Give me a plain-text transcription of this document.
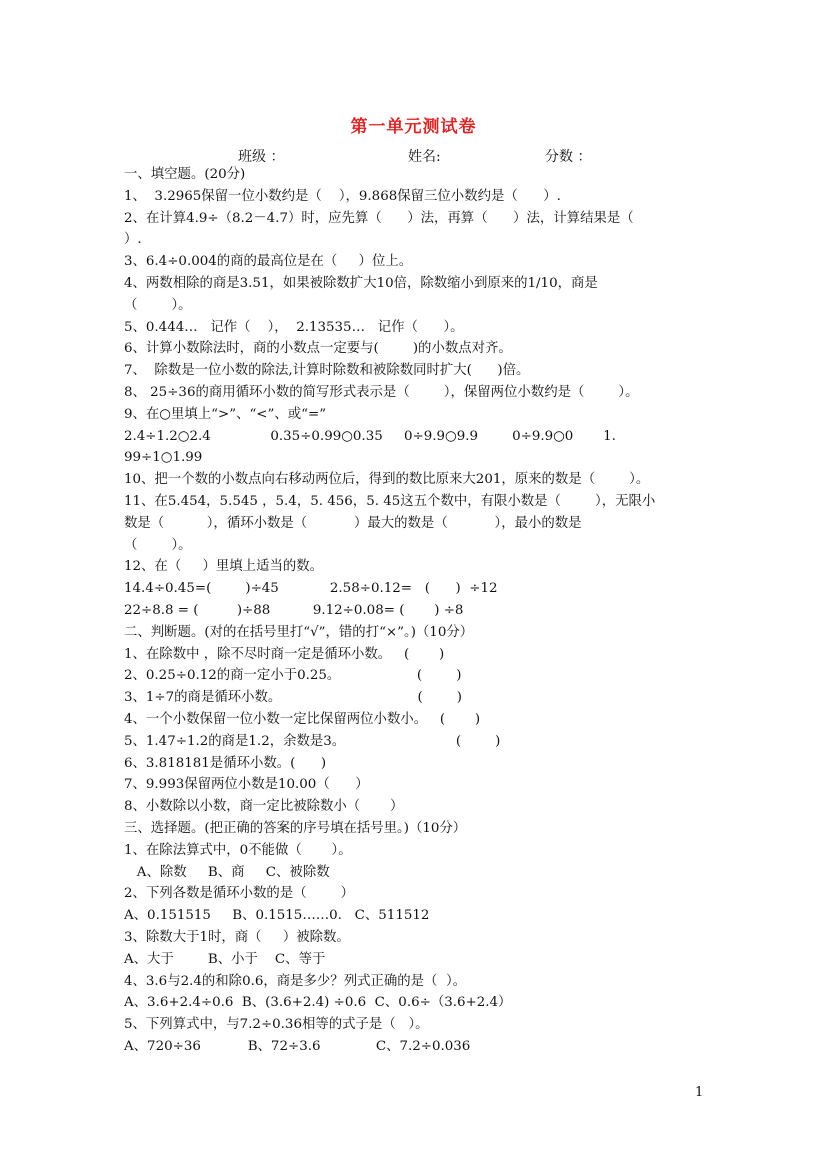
第一单元测试卷
班级 ：	姓名:	分数 ：
一、填空题。(20分)
1、  3.2965保留一位小数约是（    ），9.868保留三位小数约是（      ）.
2、在计算4.9÷（8.2－4.7）时，应先算（      ）法，再算（      ）法，计算结果是（
）.
3、6.4÷0.004的商的最高位是在（     ）位上。
4、两数相除的商是3.51，如果被除数扩大10倍，除数缩小到原来的1/10，商是
（        ）。
5、0.444…   记作（    ），  2.13535…   记作（      ）。
6、计算小数除法时，商的小数点一定要与(        )的小数点对齐。
7、  除数是一位小数的除法,计算时除数和被除数同时扩大(      )倍。
8、 25÷36的商用循环小数的简写形式表示是（        ），保留两位小数约是（        ）。
9、在○里填上“>”、“<”、或“=”
2.4÷1.2○2.4              0.35÷0.99○0.35     0÷9.9○9.9        0÷9.9○0       1.
99÷1○1.99
10、把一个数的小数点向右移动两位后，得到的数比原来大201，原来的数是（        ）。
11、在5.454，5.545 ，5.4，5. 456，5. 45这五个数中，有限小数是（        ），无限小
数是（          ），循环小数是（           ）最大的数是（           ），最小的数是
（        ）。
12、在（     ）里填上适当的数。
14.4÷0.45=(        )÷45            2.58÷0.12=   (      )  ÷12
22÷8.8 = (         )÷88          9.12÷0.08= (       ) ÷8
二、判断题。(对的在括号里打“√”，错的打“×”。)（10分）
1、在除数中 ，除不尽时商一定是循环小数。   (       )
2、0.25÷0.12的商一定小于0.25。                  (        )
3、1÷7的商是循环小数。                                (        )
4、一个小数保留一位小数一定比保留两位小数小。   (       )
5、1.47÷1.2的商是1.2，余数是3。                          (        )
6、3.818181是循环小数。(      )
7、9.993保留两位小数是10.00（      ）
8、小数除以小数，商一定比被除数小（       ）
三、选择题。(把正确的答案的序号填在括号里。)（10分）
1、在除法算式中，0不能做（       ）。
A、除数     B、商     C、被除数
2、下列各数是循环小数的是（        ）
A、0.151515     B、0.1515……0.   C、511512
3、除数大于1时，商（     ）被除数。
A、大于        B、小于    C、等于
4、3.6与2.4的和除0.6，商是多少？列式正确的是（  ）。
A、3.6+2.4÷0.6  B、(3.6+2.4) ÷0.6  C、0.6÷（3.6+2.4）
5、下列算式中，与7.2÷0.36相等的式子是（   ）。
A、720÷36           B、72÷3.6             C、7.2÷0.036
1
